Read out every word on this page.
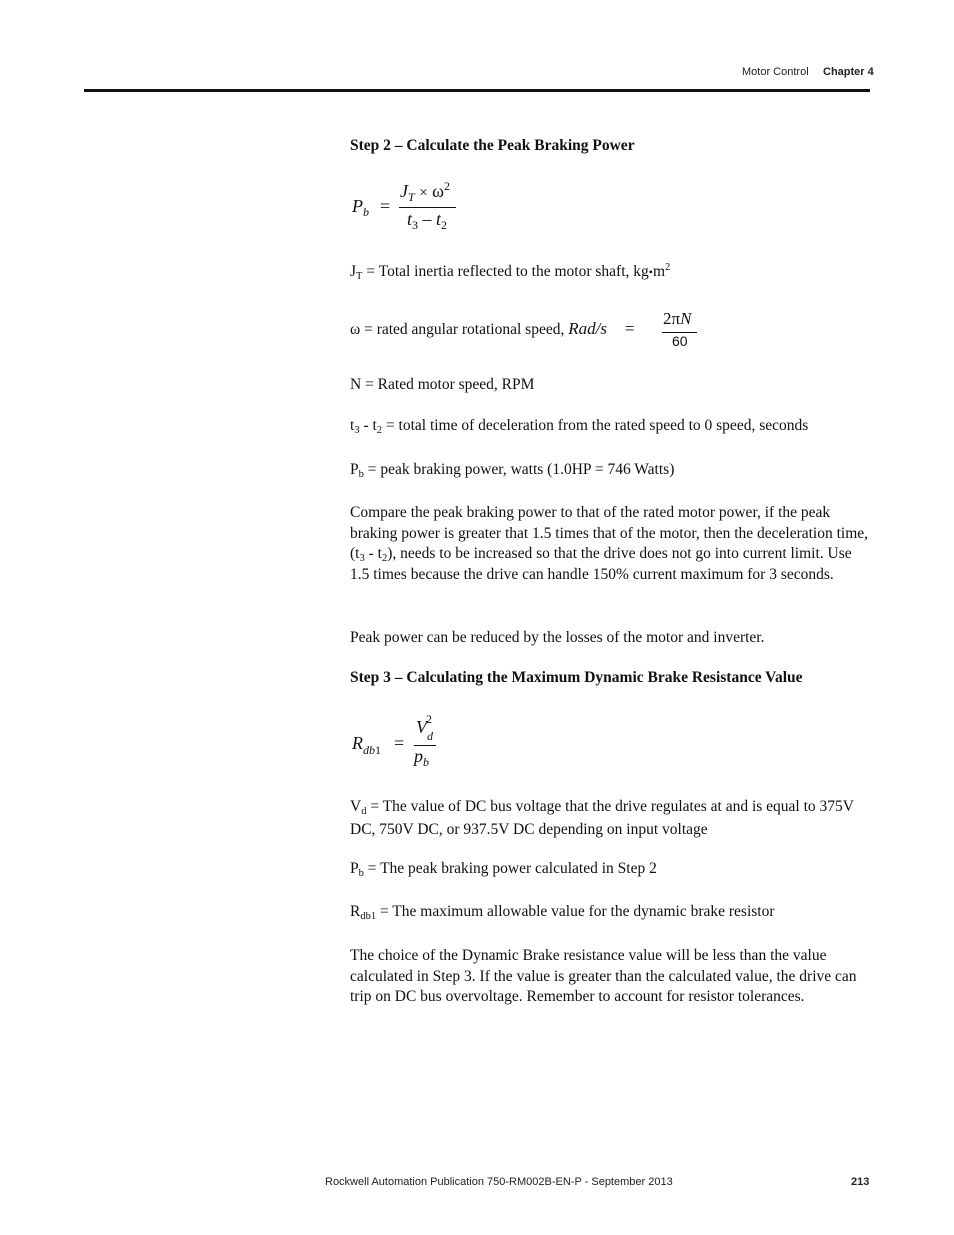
Motor Control Chapter 4
Step 2 – Calculate the Peak Braking Power
$P_b$ =
$J_T \times \omega^2$
$t_3 - t_2$
$J_T$ = Total inertia reflected to the motor shaft, $kg•m^2$
ω = rated angular rotational speed, Rad/s =
2πN
60
N = Rated motor speed, RPM
$t_3 - t_2$ = total time of deceleration from the rated speed to 0 speed, seconds
$P_b$ = peak braking power, watts (1.0HP = 746 Watts)
Compare the peak braking power to that of the rated motor power, if the peak braking power is greater that 1.5 times that of the motor, then the deceleration time, $(t_3 - t_2)$, needs to be increased so that the drive does not go into current limit. Use 1.5 times because the drive can handle 150% current maximum for 3 seconds.
Peak power can be reduced by the losses of the motor and inverter.
Step 3 – Calculating the Maximum Dynamic Brake Resistance Value
$R_{db1}$ =
V 2
d
$p_b$
$V_d$ = The value of DC bus voltage that the drive regulates at and is equal to 375V DC, 750V DC, or 937.5V DC depending on input voltage
$P_b$ = The peak braking power calculated in Step 2
$R_{db1}$ = The maximum allowable value for the dynamic brake resistor
The choice of the Dynamic Brake resistance value will be less than the value calculated in Step 3. If the value is greater than the calculated value, the drive can trip on DC bus overvoltage. Remember to account for resistor tolerances.
Rockwell Automation Publication 750-RM002B-EN-P - September 2013	213
